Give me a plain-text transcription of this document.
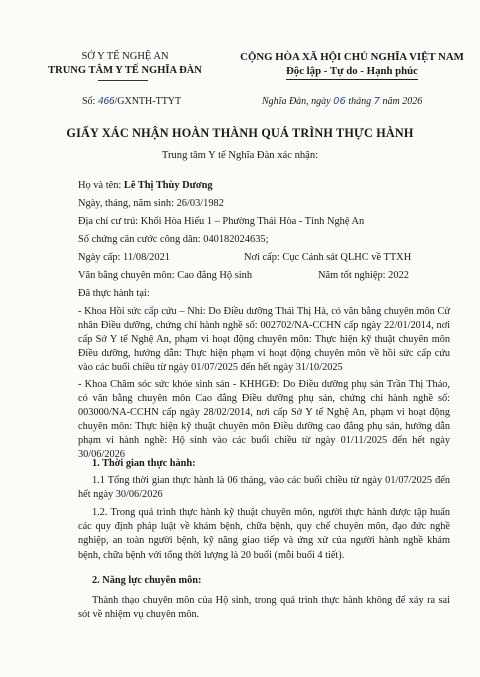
SỞ Y TẾ NGHỆ AN
TRUNG TÂM Y TẾ NGHĨA ĐÀN
CỘNG HÒA XÃ HỘI CHỦ NGHĨA VIỆT NAM
Độc lập - Tự do - Hạnh phúc
Số: 466/GXNTH-TTYT	Nghĩa Đàn, ngày 06 tháng 7 năm 2026
GIẤY XÁC NHẬN HOÀN THÀNH QUÁ TRÌNH THỰC HÀNH
Trung tâm Y tế Nghĩa Đàn xác nhận:
Họ và tên: Lê Thị Thùy Dương
Ngày, tháng, năm sinh: 26/03/1982
Địa chỉ cư trú: Khối Hòa Hiếu 1 – Phường Thái Hòa - Tỉnh Nghệ An
Số chứng căn cước công dân: 040182024635;
Ngày cấp: 11/08/2021	Nơi cấp: Cục Cảnh sát QLHC về TTXH
Văn bằng chuyên môn: Cao đẳng Hộ sinh	Năm tốt nghiệp: 2022
Đã thực hành tại:

- Khoa Hồi sức cấp cứu – Nhi: Do Điều dưỡng Thái Thị Hà, có văn bằng chuyên môn Cử nhân Điều dưỡng, chứng chỉ hành nghề số: 002702/NA-CCHN cấp ngày 22/01/2014, nơi cấp Sở Y tế Nghệ An, phạm vi hoạt động chuyên môn: Thực hiện kỹ thuật chuyên môn Điều dưỡng, hướng dẫn: Thực hiện phạm vi hoạt động chuyên môn về hồi sức cấp cứu vào các buổi chiều từ ngày 01/07/2025 đến hết ngày 31/10/2025

- Khoa Chăm sóc sức khỏe sinh sản - KHHGĐ: Do Điều dưỡng phụ sản Trần Thị Thảo, có văn bằng chuyên môn Cao đẳng Điều dưỡng phụ sản, chứng chỉ hành nghề số: 003000/NA-CCHN cấp ngày 28/02/2014, nơi cấp Sở Y tế Nghệ An, phạm vi hoạt động chuyên môn: Thực hiện kỹ thuật chuyên môn Điều dưỡng cao đẳng phụ sản, hướng dẫn phạm vi hành nghề: Hộ sinh vào các buổi chiều từ ngày 01/11/2025 đến hết ngày 30/06/2026

1. Thời gian thực hành:

1.1 Tổng thời gian thực hành là 06 tháng, vào các buổi chiều từ ngày 01/07/2025 đến hết ngày 30/06/2026

1.2. Trong quá trình thực hành kỹ thuật chuyên môn, người thực hành được tập huấn các quy định pháp luật về khám bệnh, chữa bệnh, quy chế chuyên môn, đạo đức nghề nghiệp, an toàn người bệnh, kỹ năng giao tiếp và ứng xử của người hành nghề khám bệnh, chữa bệnh với tổng thời lượng là 20 buổi (mỗi buổi 4 tiết).

2. Năng lực chuyên môn:

Thành thạo chuyên môn của Hộ sinh, trong quá trình thực hành không để xảy ra sai sót về nhiệm vụ chuyên môn.
